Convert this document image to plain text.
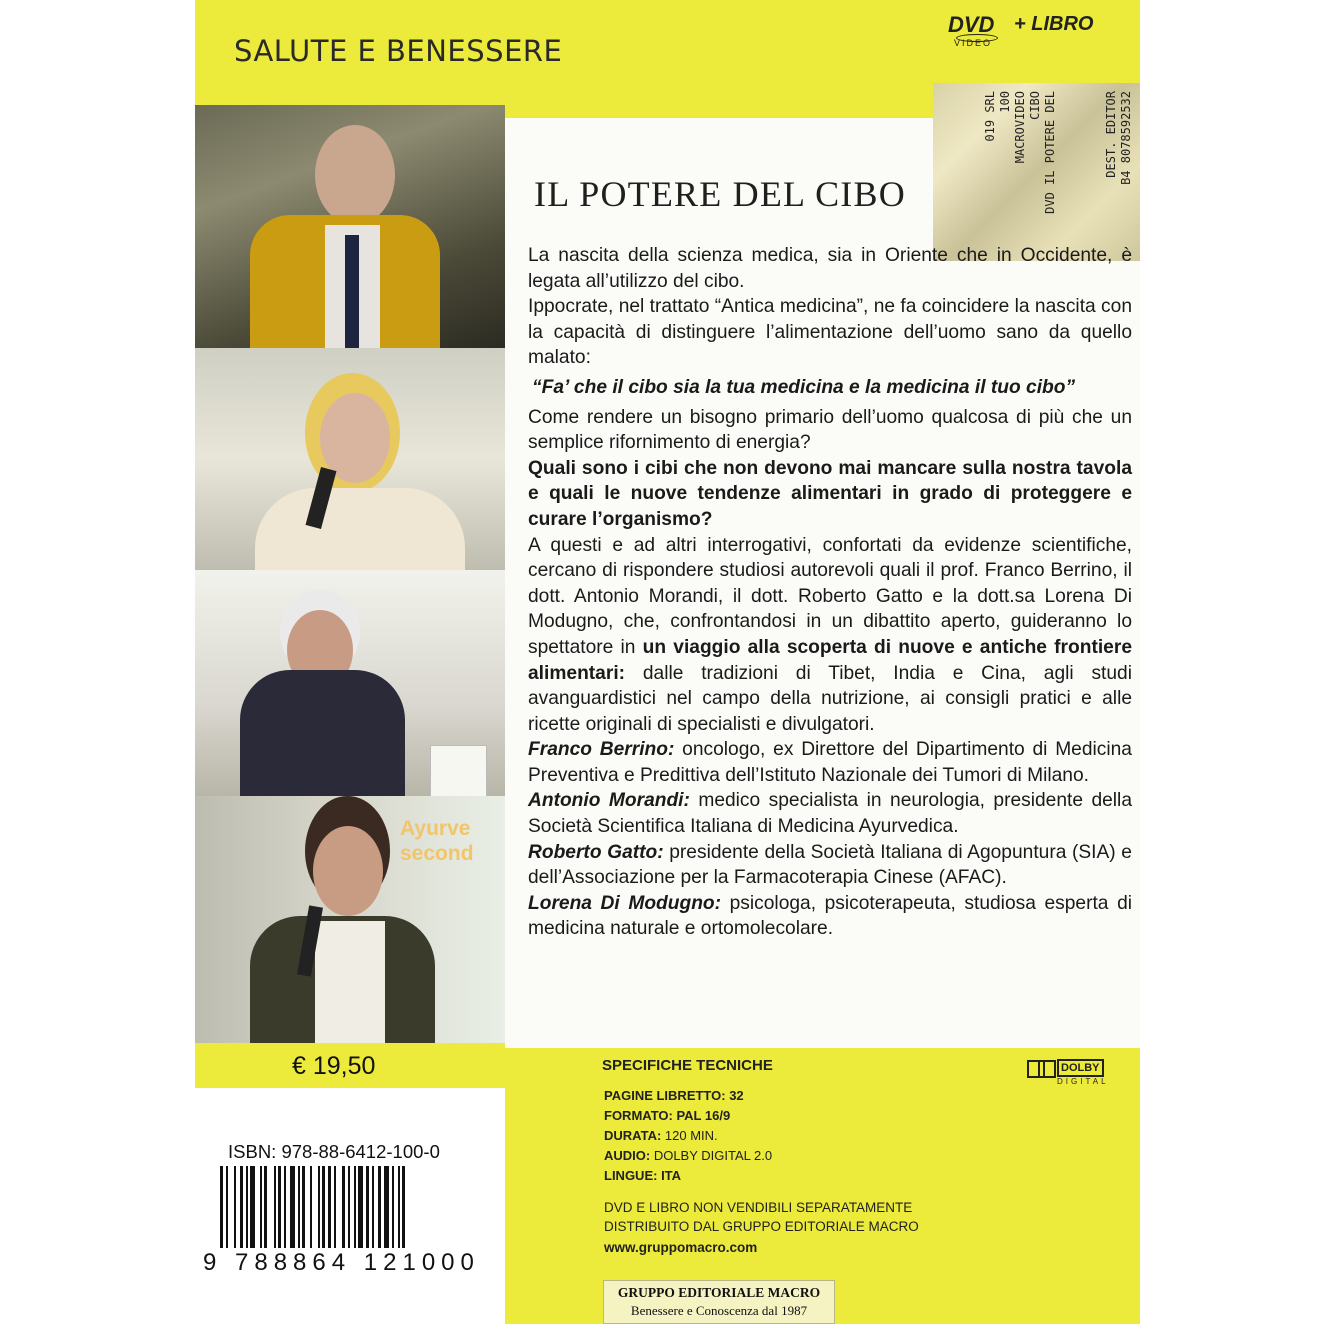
SALUTE E BENESSERE
DVD
VIDEO
+ LIBRO
Ayurve
second
B4 8078592532
DEST. EDITOR
DVD IL POTERE DEL
CIBO
MACROVIDEO
100
019 SRL
IL POTERE DEL CIBO

La nascita della scienza medica, sia in Oriente che in Occidente, è legata all’utilizzo del cibo.

Ippocrate, nel trattato “Antica medicina”, ne fa coincidere la nascita con la capacità di distinguere l’alimentazione dell’uomo sano da quello malato:

“Fa’ che il cibo sia la tua medicina e la medicina il tuo cibo”

Come rendere un bisogno primario dell’uomo qualcosa di più che un semplice rifornimento di energia?

Quali sono i cibi che non devono mai mancare sulla nostra tavola e quali le nuove tendenze alimentari in grado di proteggere e curare l’organismo?

A questi e ad altri interrogativi, confortati da evidenze scientifiche, cercano di rispondere studiosi autorevoli quali il prof. Franco Berrino, il dott. Antonio Morandi, il dott. Roberto Gatto e la dott.sa Lorena Di Modugno, che, confrontandosi in un dibattito aperto, guideranno lo spettatore in un viaggio alla scoperta di nuove e antiche frontiere alimentari: dalle tradizioni di Tibet, India e Cina, agli studi avanguardistici nel campo della nutrizione, ai consigli pratici e alle ricette originali di specialisti e divulgatori.

Franco Berrino: oncologo, ex Direttore del Dipartimento di Medicina Preventiva e Predittiva dell’Istituto Nazionale dei Tumori di Milano.

Antonio Morandi: medico specialista in neurologia, presidente della Società Scientifica Italiana di Medicina Ayurvedica.

Roberto Gatto: presidente della Società Italiana di Agopuntura (SIA) e dell’Associazione per la Farmacoterapia Cinese (AFAC).

Lorena Di Modugno: psicologa, psicoterapeuta, studiosa esperta di medicina naturale e ortomolecolare.

€ 19,50
ISBN: 978-88-6412-100-0
9 788864 121000
SPECIFICHE TECNICHE
PAGINE LIBRETTO: 32
FORMATO: PAL 16/9
DURATA: 120 MIN.
AUDIO: DOLBY DIGITAL 2.0
LINGUE: ITA
DOLBY
DIGITAL
DVD E LIBRO NON VENDIBILI SEPARATAMENTE
DISTRIBUITO DAL GRUPPO EDITORIALE MACRO
www.gruppomacro.com
GRUPPO EDITORIALE MACRO
Benessere e Conoscenza dal 1987
